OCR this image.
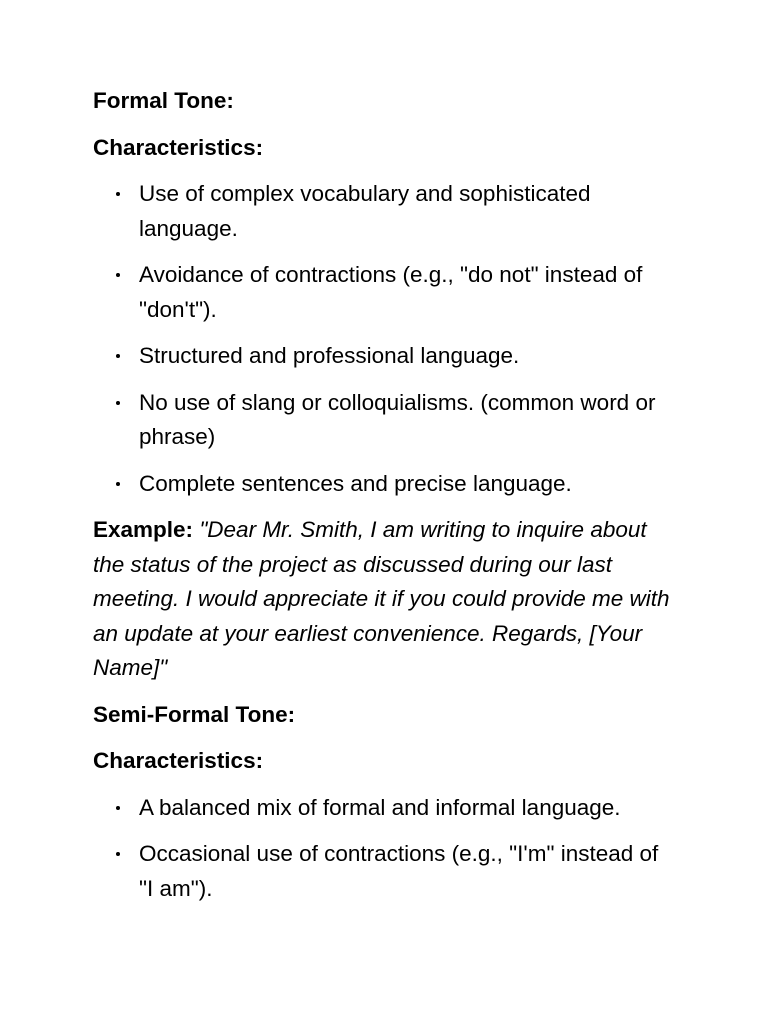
Formal Tone:
Characteristics:
Use of complex vocabulary and sophisticated language.
Avoidance of contractions (e.g., "do not" instead of "don't").
Structured and professional language.
No use of slang or colloquialisms. (common word or phrase)
Complete sentences and precise language.
Example: "Dear Mr. Smith, I am writing to inquire about the status of the project as discussed during our last meeting. I would appreciate it if you could provide me with an update at your earliest convenience. Regards, [Your Name]"
Semi-Formal Tone:
Characteristics:
A balanced mix of formal and informal language.
Occasional use of contractions (e.g., "I'm" instead of "I am").
